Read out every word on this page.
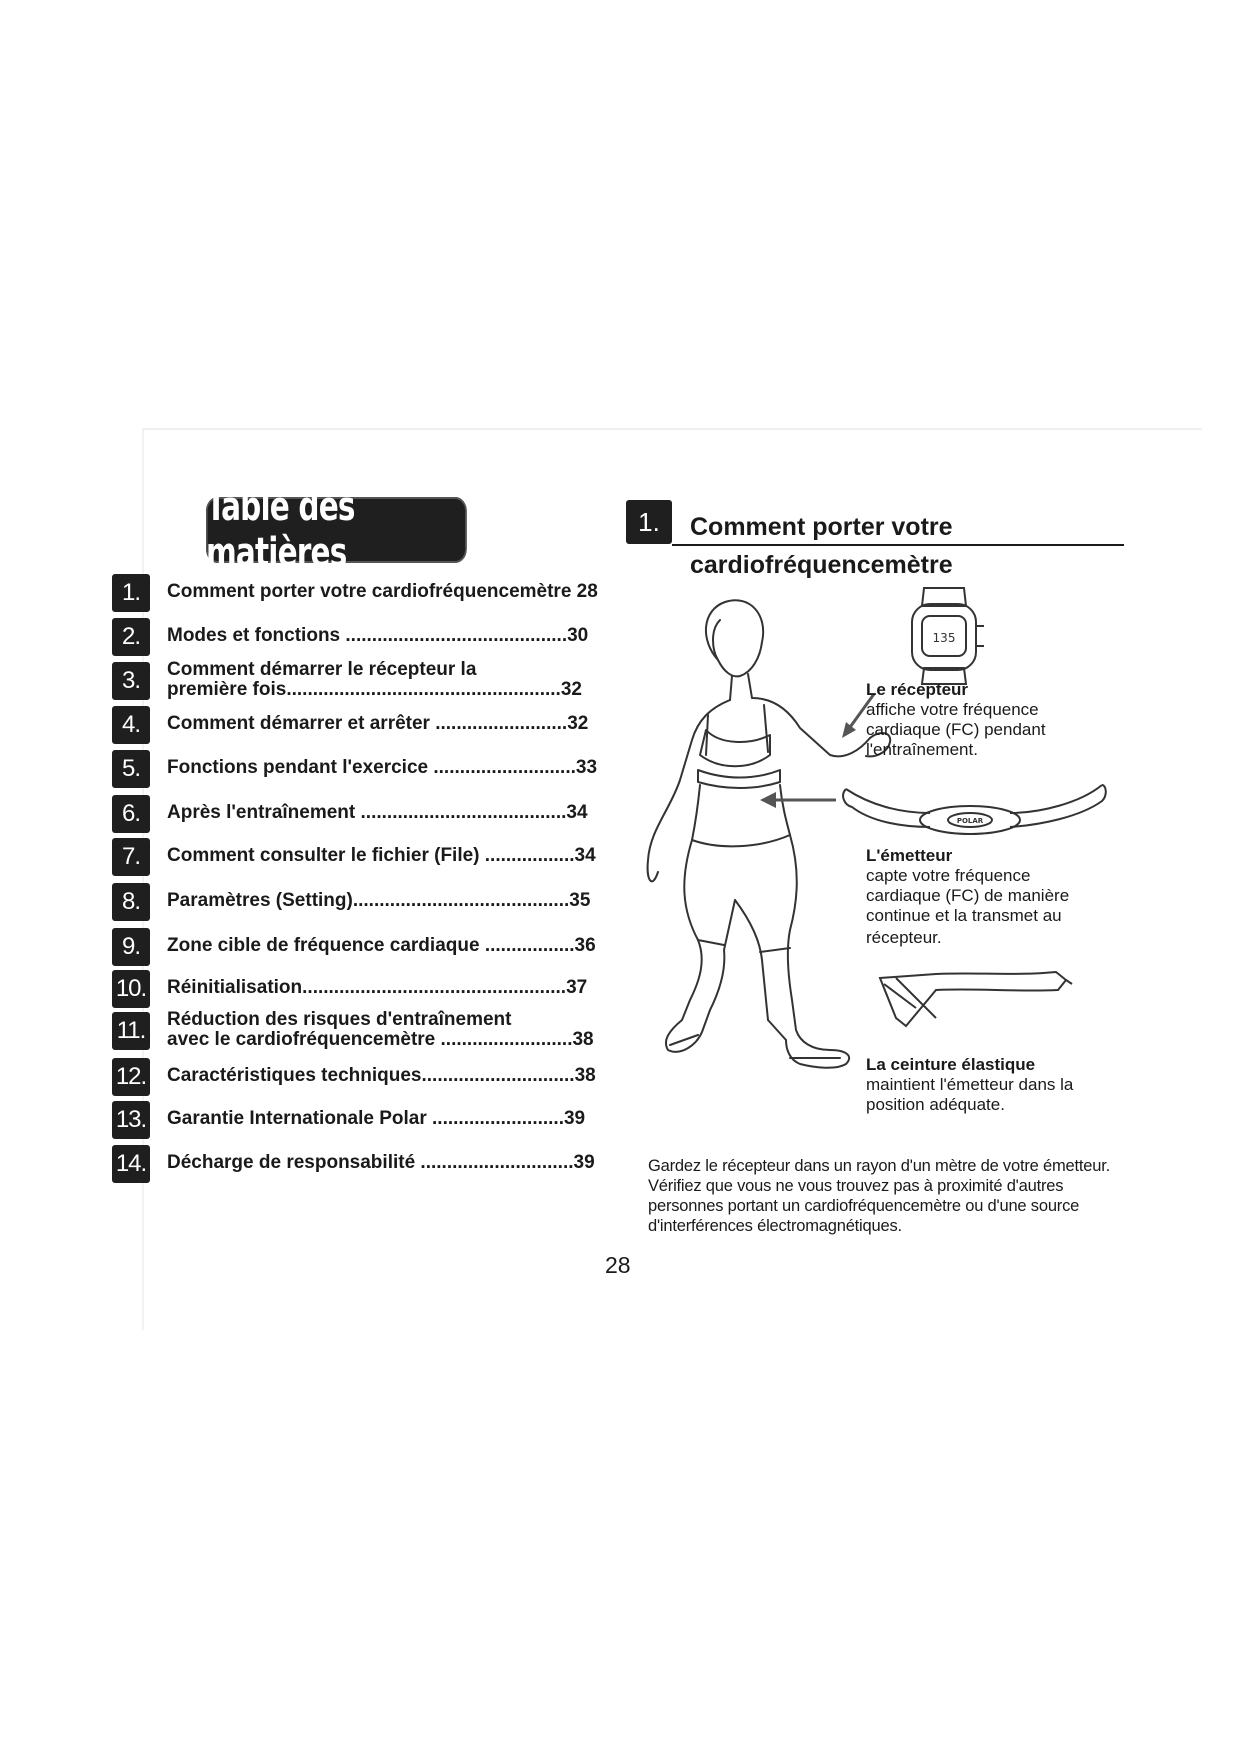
Table des matières
1.	Comment porter votre cardiofréquencemètre 28
2.	Modes et fonctions ..........................................30
3.	Comment démarrer le récepteur la
première fois....................................................32
4.	Comment démarrer et arrêter .........................32
5.	Fonctions pendant l'exercice ...........................33
6.	Après l'entraînement .......................................34
7.	Comment consulter le fichier (File) .................34
8.	Paramètres (Setting).........................................35
9.	Zone cible de fréquence cardiaque .................36
10. Réinitialisation..................................................37
11. Réduction des risques d'entraînement
avec le cardiofréquencemètre .........................38
12. Caractéristiques techniques.............................38
13. Garantie Internationale Polar .........................39
14. Décharge de responsabilité .............................39
1.	Comment porter votre
cardiofréquencemètre
135
POLAR
Le récepteur
affiche votre fréquence
cardiaque (FC) pendant
l'entraînement.
L'émetteur
capte votre fréquence
cardiaque (FC) de manière
continue et la transmet au
récepteur.
La ceinture élastique
maintient l'émetteur dans la
position adéquate.
Gardez le récepteur dans un rayon d'un mètre de votre émetteur. Vérifiez que vous ne vous trouvez pas à proximité d'autres personnes portant un cardiofréquencemètre ou d'une source d'interférences électromagnétiques.
28
